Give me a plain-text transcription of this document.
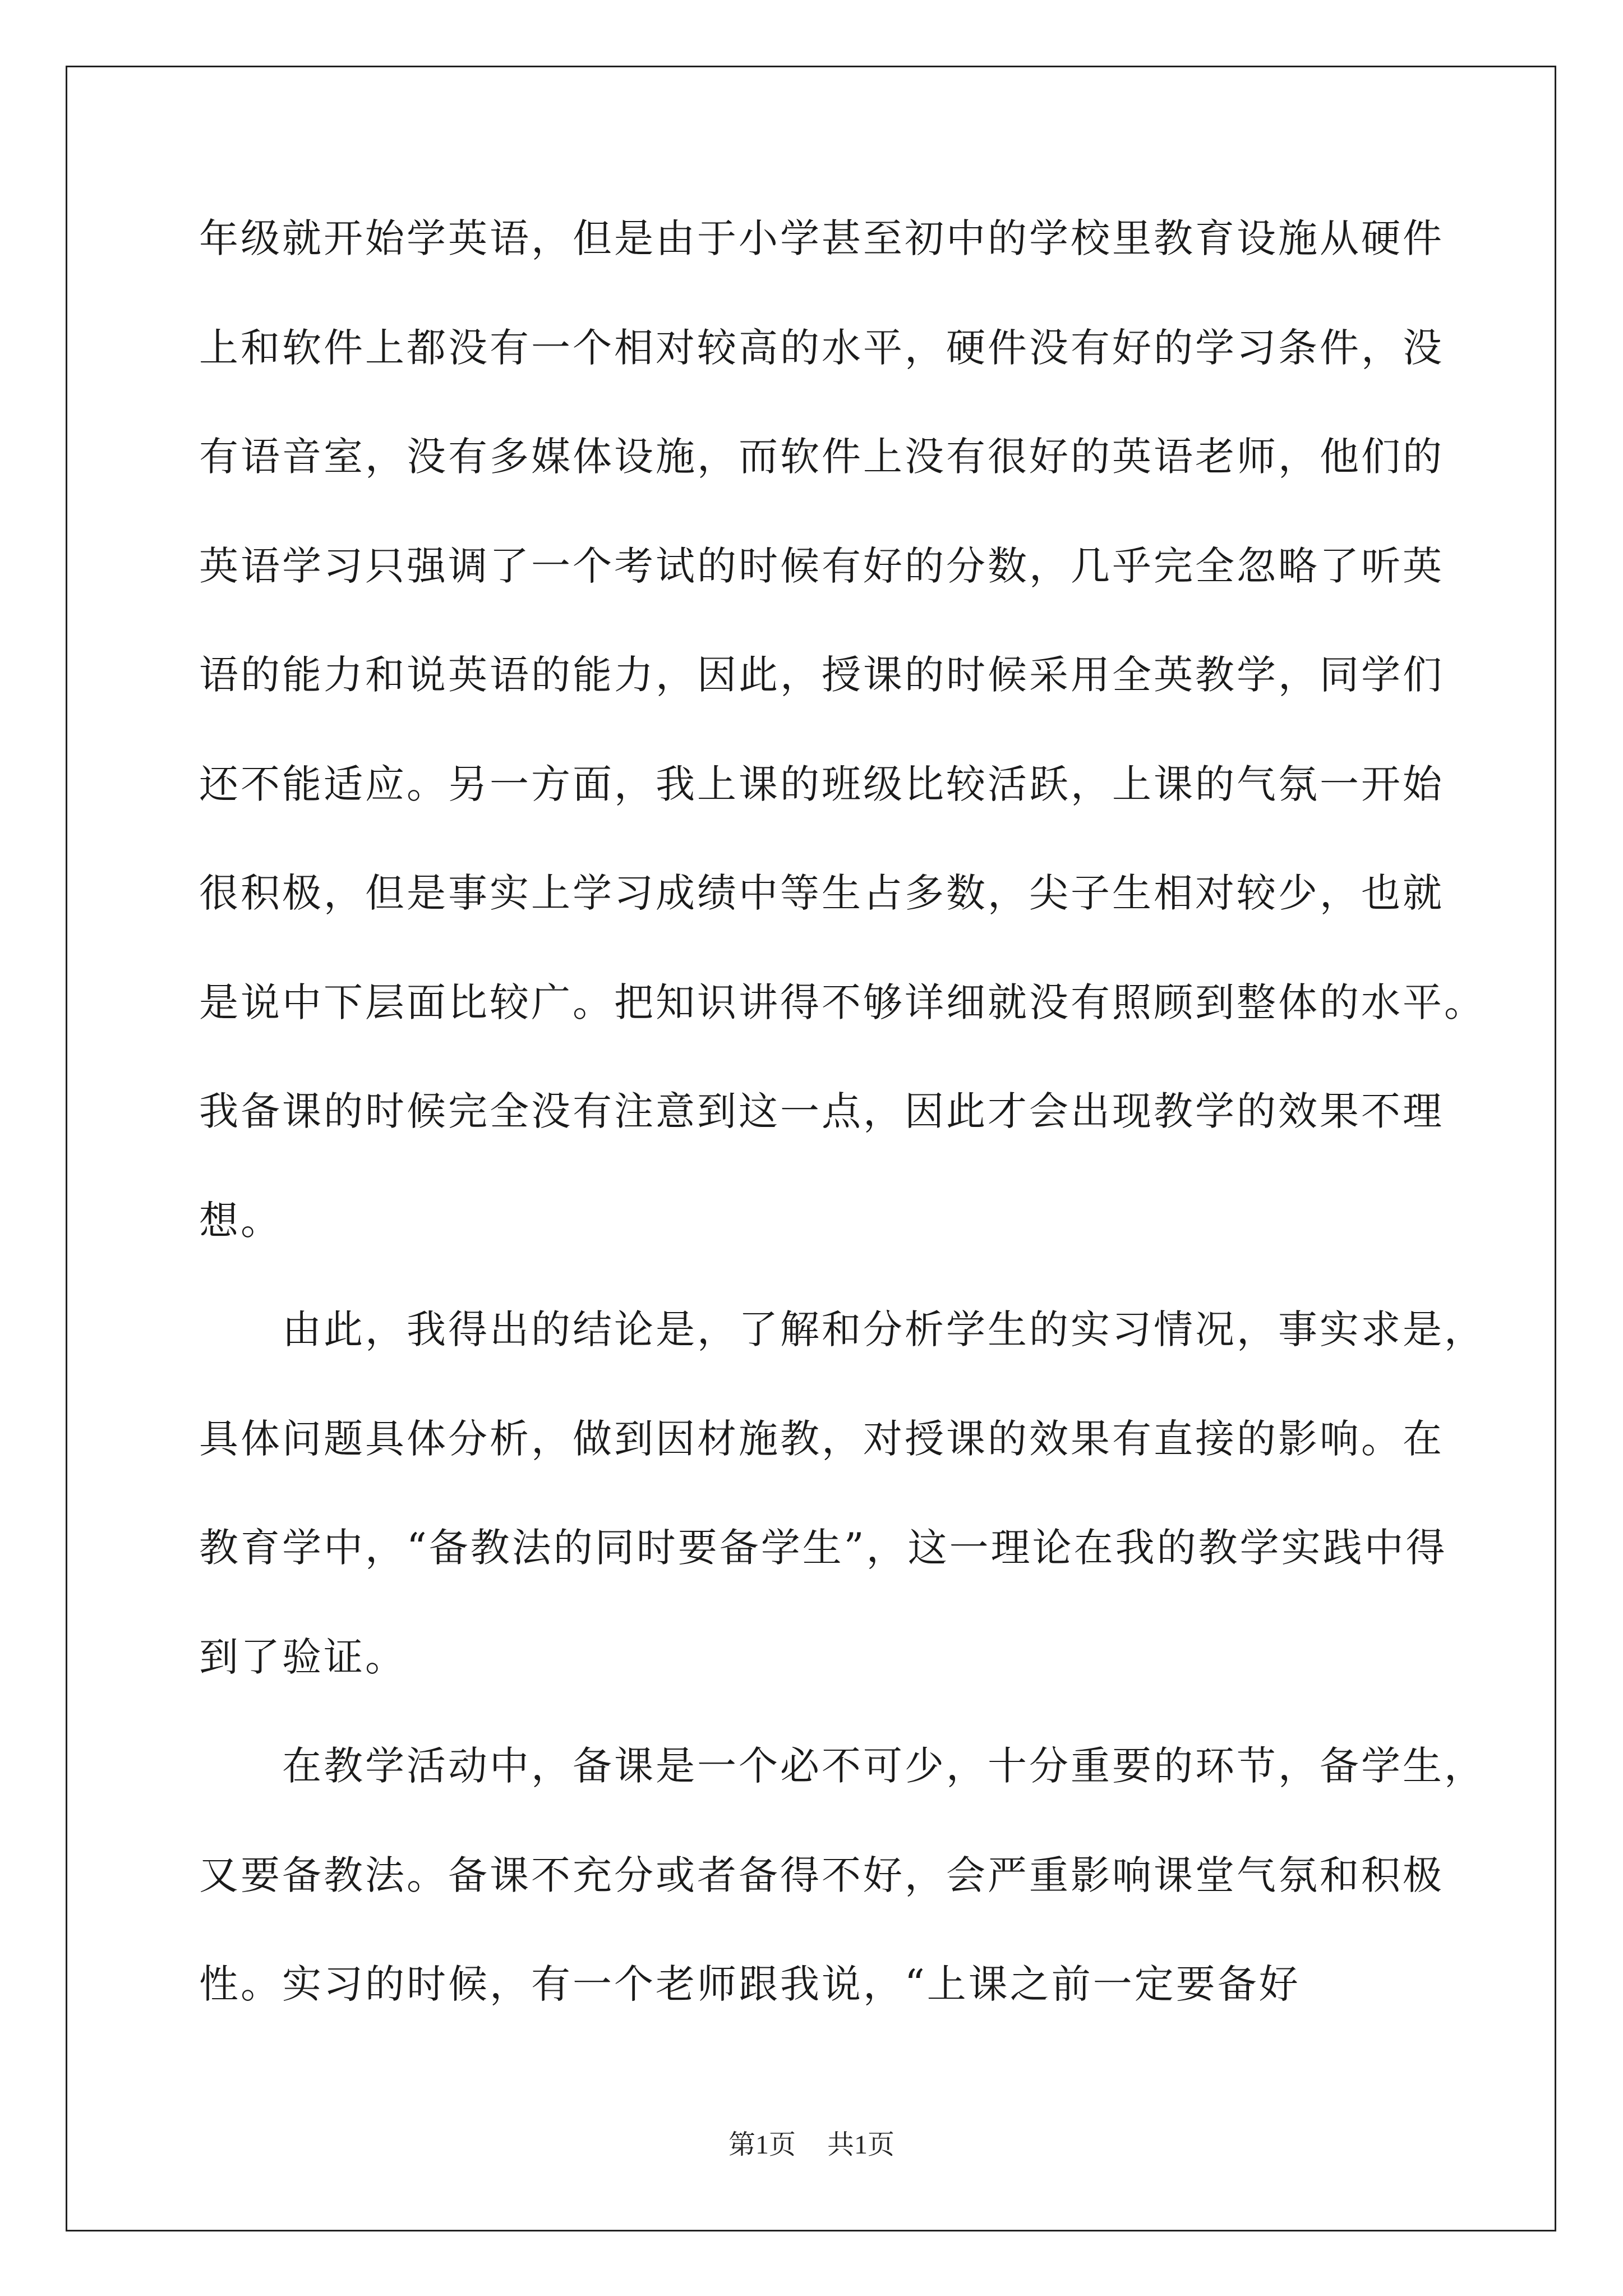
年级就开始学英语，但是由于小学甚至初中的学校里教育设施从硬件
上和软件上都没有一个相对较高的水平，硬件没有好的学习条件，没
有语音室，没有多媒体设施，而软件上没有很好的英语老师，他们的
英语学习只强调了一个考试的时候有好的分数，几乎完全忽略了听英
语的能力和说英语的能力，因此，授课的时候采用全英教学，同学们
还不能适应。另一方面，我上课的班级比较活跃，上课的气氛一开始
很积极，但是事实上学习成绩中等生占多数，尖子生相对较少，也就
是说中下层面比较广。把知识讲得不够详细就没有照顾到整体的水平。
我备课的时候完全没有注意到这一点，因此才会出现教学的效果不理
想。
由此，我得出的结论是，了解和分析学生的实习情况，事实求是，
具体问题具体分析，做到因材施教，对授课的效果有直接的影响。在
教育学中，“备教法的同时要备学生”，这一理论在我的教学实践中得
到了验证。
在教学活动中，备课是一个必不可少，十分重要的环节，备学生，
又要备教法。备课不充分或者备得不好，会严重影响课堂气氛和积极
性。实习的时候，有一个老师跟我说，“上课之前一定要备好
第1页 共1页
